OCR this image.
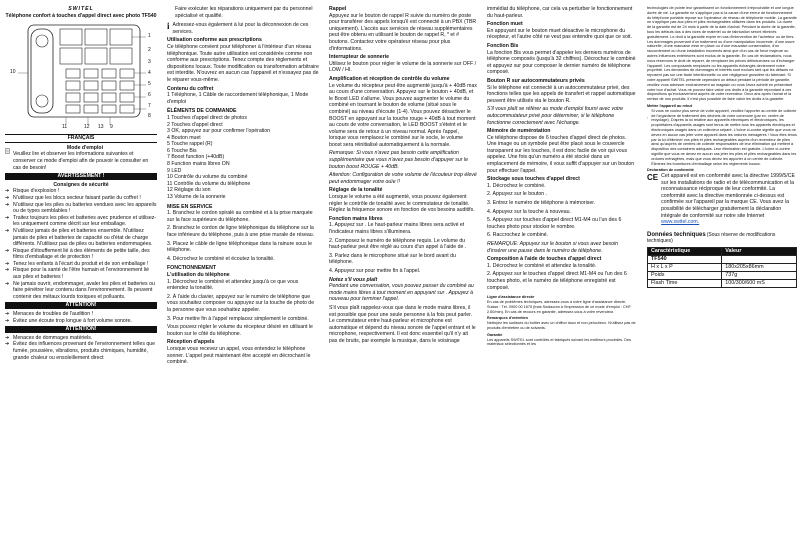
SWITEL
Téléphone confort à touches d'appel direct avec photo TF540
1
2
3
4
5
6
7
8
9
10
11	12 13
FRANÇAIS
Mode d'emploi
Veuillez lire et observer les informations suivantes et conserver ce mode d'emploi afin de pouvoir le consulter en cas de besoin!
AVERTISSEMENT !
Consignes de sécurité
➔ Risque d'explosion !
➔ N'utilisez que les blocs secteur faisant partie du coffret !
➔ N'utilisez que les piles ou batteries vendues avec les appareils ou de types semblables !
➔ Traitez toujours les piles et batteries avec prudence et utilisez-les uniquement comme décrit sur leur emballage.
➔ N'utilisez jamais de piles et batteries ensemble. N'utilisez jamais de piles et batteries de capacité ou d'état de charge différents. N'utilisez pas de piles ou batteries endommagées.
➔ Risque d'étouffement lié à des éléments de petite taille, des films d'emballage et de protection !
➔ Tenez les enfants à l'écart du produit et de son emballage !
➔ Risque pour la santé de l'être humain et l'environnement lié aux piles et batteries !
➔ Ne jamais ouvrir, endommager, avaler les piles et batteries ou faire pénétrer leur contenu dans l'environnement. Ils peuvent contenir des métaux lourds toxiques et polluants.
ATTENTION!
➔ Menaces de troubles de l'audition !
➔ Évitez une écoute trop longue à fort volume sonore.
ATTENTION!
➔ Menaces de dommages matériels.
➔ Évitez des influences provenant de l'environnement telles que fumée, poussière, vibrations, produits chimiques, humidité, grande chaleur ou ensoleillement direct
Faire exécuter les réparations uniquement par du personnel spécialisé et qualifié.
i Adressez-vous également à lui pour la déconnexion de ces services.
Utilisation conforme aux prescriptions

Ce téléphone convient pour téléphoner à l'intérieur d'un réseau téléphonique. Toute autre utilisation est considérée comme non conforme aux prescriptions. Tenez compte des règlements et dispositions locaux. Toute modification ou transformation arbitraire est interdite. N'ouvrez en aucun cas l'appareil et n'essayez pas de le réparer vous-même.

Contenu du coffret

1 Téléphone, 1 Câble de raccordement téléphonique, 1 Mode d'emploi

ÉLÉMENTS DE COMMANDE
1 Touches d'appel direct de photos
2 Touches d'appel direct
3 OK, appuyez sur pour confirmer l'opération
4 Bouton muet
5 Touche rappel (R)
6 Touche Bis
7 Boost function (+40dB)
8 Function mains libres ON
9 LED
10 Contrôle du volume du combiné
11 Contrôle du volume du téléphone
12 Réglage du son
13 Volume de la sonnerie
MISE EN SERVICE

1. Branchez le cordon spiralé au combiné et à la prise marquée sur la face supérieure du téléphone.

2. Branchez le cordon de ligne téléphonique du téléphone sur la face inférieure du téléphone, puis à une prise murale de réseau.

3. Placez le câble de ligne téléphonique dans la rainure sous le téléphone.

4. Décrochez le combiné et écoutez la tonalité.

FONCTIONNEMENT
L'utilisation du téléphone

1. Décrochez le combiné et attendez jusqu'à ce que vous entendez la tonalité.

2. À l'aide du clavier, appuyez sur le numéro de téléphone que vous souhaitez composer ou appuyez sur la touche de photo de la personne que vous souhaitez appeler.

3. Pour mettre fin à l'appel remplacez simplement le combiné.

Vous pouvez régler le volume du récepteur désiré en utilisant le bouton sur le côté du téléphone.

Réception d'appels

Lorsque vous recevez un appel, vous entendez le téléphone sonner. L'appel peut maintenant être accepté en décrochant le combiné.

Rappel

Appuyez sur le bouton de rappel R suivie du numéro de poste pour transférer des appels lorsqu'il est connecté à un PBX (TBR uniquement). L'accès aux services de réseau supplémentaires peut être obtenu en utilisant le bouton de rappel R, * et # boutons. Contactez votre opérateur réseau pour plus d'informations.

Interrupteur de sonnerie

Utilisez le bouton pour régler le volume de la sonnerie sur OFF / LOW / HI.

Amplification et réception de contrôle du volume

Le volume du récepteur peut être augmenté jusqu'à + 40dB max au cours d'une conversation. Appuyez sur le bouton + 40dB, et le Boost LED s'allume. Vous pouvez augmenter le volume du combiné en tournant le bouton de volume (situé sous le combiné) au niveau d'écoute (1-4). Vous pouvez désactiver le BOOST en appuyant sur la touche rouge + 40dB à tout moment au cours de votre conversation, le LED BOOST s'éteint et le volume sera de retour à un niveau normal. Après l'appel, lorsque vous remplacez le combiné sur le socle, le volume boost sera réinitialisé automatiquement à la normale.

Remarque: Si vous n'avez pas besoin cette amplification supplémentaire que vous n'avez pas besoin d'appuyer sur le bouton boost ROUGE + 40dB.

Attention: Configuration de votre volume de l'écouteur trop élevé peut endommager votre ouïe !!

Réglage de la tonalité

Lorsque le volume a été augmenté, vous pouvez également régler le contrôle de tonalité avec le commutateur de tonalité. Réglez la fréquence sonore en fonction de vos besoins auditifs.

Fonction mains libres

1. Appuyez sur . Le haut-parleur mains libres sera activé et l'indicateur mains libres s'illuminera.

2. Composez le numéro de téléphone requis. Le volume du haut-parleur peut être réglé au cours d'un appel à l'aide de .

3. Parlez dans le microphone situé sur le bord avant du téléphone.

4. Appuyez sur pour mettre fin à l'appel.

Notez s'il vous plaît

Pendant une conversation, vous pouvez passer du combiné au mode mains libres à tout moment en appuyant sur . Appuyez à nouveau pour terminer l'appel.

S'il vous plaît rappelez-vous que dans le mode mains libres, il est possible que pour une seule personne à la fois peut parler. Le commutateur entre haut-parleur et microphone est automatique et dépend du niveau sonore de l'appel entrant et le microphone, respectivement. Il est donc essentiel qu'il n'y ait pas de bruits, par exemple la musique, dans le voisinage

immédiat du téléphone, car cela va perturber le fonctionnement du haut-parleur.

Fonction muet

En appuyant sur le bouton muet désactive le microphone du récepteur, et l'autre côté ne veut pas entendre quoi que ce soit.

Fonction Bis

La fonction Bis vous permet d'appeler les derniers numéros de téléphone composés (jusqu'à 32 chiffres). Décrochez le combiné et appuyez sur pour composer le dernier numéro de téléphone composé.

Bouton R sur autocommutateurs privés

Si le téléphone est connecté à un autocommutateur privé, des fonctions telles que les appels de transfert et rappel automatique peuvent être utilisés via le bouton R.

S'il vous plaît se référer au mode d'emploi fourni avec votre autocommutateur privé pour déterminer, si le téléphone fonctionne correctement avec l'échange.

Mémoire de numérotation

Ce téléphone dispose de 6 touches d'appel direct de photos. Une image ou un symbole peut être placé sous le couvercle transparent sur les touches, il est donc facile de voir qui vous appelez. Une fois qu'un numéro a été stocké dans un emplacement de mémoire, il vous suffit d'appuyer sur un bouton pour effectuer l'appel.

Stockage sous touches d'appel direct

1. Décrochez le combiné.

2. Appuyez sur le bouton .

3. Entrez le numéro de téléphone à mémoriser.

4. Appuyez sur la touche à nouveau.

5. Appuyez sur touches d'appel direct M1-M4 ou l'un des 6 touches photo pour stocker le nombre.

6. Raccrochez le combiné.

REMARQUE: Appuyez sur le bouton si vous avez besoin d'insérer une pause dans le numéro de téléphone.

Composition à l'aide de touches d'appel direct

1. Décrochez le combiné et attendez la tonalité.

2. Appuyez sur le touches d'appel direct M1-M4 ou l'un des 6 touches photo, et le numéro de téléphone enregistré est composé.

Ligne d'assistance directe

En cas de problèmes techniques, adressez-vous à notre ligne d'assistance directe, Suisse : Tél. 0900 00 1675 (frais Swisscom à l'impression de ce mode d'emploi : CHF 2.60/min). En cas de recours en garantie, adressez-vous à votre revendeur.

Remarques d'entretien

Nettoyez les surfaces du boîtier avec un chiffon doux et non pelucheux. N'utilisez pas de produits d'entretien ou de solvants.

Garantie

Les appareils SWITEL sont contrôlés et fabriqués suivant les meilleurs procédés. Des matériaux sélectionnés et les

technologies de pointe leur garantissent un fonctionnement irréprochable et une longue durée de vie. La garantie ne s'applique pas si la cause d'une erreur de fonctionnement du téléphone portable repose sur l'opérateur de réseau de téléphonie mobile. La garantie ne s'applique pas aux piles et piles rechargeables utilisées dans les produits. La durée de la garantie est de 24 mois à partir de la date d'achat. Pendant la durée de la garantie, tous les défauts dus à des vices de matériel ou de fabrication seront éliminés gratuitement. Le droit à la garantie expire en cas d'intervention de l'acheteur ou de tiers. Les dommages provenant d'un traitement ou d'une manipulation incorrecte, d'une usure naturelle, d'une mauvaise mise en place ou d'une mauvaise conservation, d'un raccordement ou d'une installation incorrects ainsi que d'un cas de force majeure ou autres influences extérieures sont exclus de la garantie. En cas de réclamations, nous nous réservons le droit de réparer, de remplacer les pièces défectueuses ou d'échanger l'appareil. Les composants remplacés ou les appareils échangés deviennent notre propriété. Les demandes de dommages et intérêts sont exclues tant que les défauts ne reposent pas sur une faute intentionnelle ou une négligence grossière du fabricant. Si votre appareil SWITEL présente cependant un défaut pendant la période de garantie, veuillez vous adresser exclusivement au magasin où vous l'avez acheté en présentant votre bon d'achat. Vous ne pouvez faire valoir vos droits à la garantie répondant à ces dispositions qu'exclusivement auprès de votre revendeur. Deux ans après l'achat et la remise de nos produits, il n'est plus possible de faire valoir les droits à la garantie.

Mettre l'appareil au rebut

Si vous ne voulez plus servir de votre appareil, veuillez l'apporter au centre de collecte de l'organisme de traitement des déchets de votre commune (par ex. centre de recyclage). D'après la loi relative aux appareils électriques et électroniques, les propriétaires d'appareils usagés sont tenus de mettre tous les appareils électriques et électroniques usagés dans un collecteur séparé. L'icône ci-contre signifie que vous ne devez en aucun cas jeter votre appareil dans les ordures ménagères ! Vous êtes tenus par la loi d'éliminer vos piles et piles rechargeables auprès d'un revendeur de piles ainsi qu'auprès de centres de collecte responsables de leur élimination qui mettent à disposition des containers adéquats. Leur élimination est gratuite. L'icône ci-contre signifie que vous ne devez en aucun cas jeter les piles et piles rechargeables dans les ordures ménagères, mais que vous devez les apporter à un centre de collecte. Éliminez les fournitures d'emballage selon les règlements locaux.

Déclaration de conformité
CE Cet appareil est en conformité avec la directive 1999/5/CE sur les installations de radio et de télécommunication et la reconnaissance réciproque de leur conformité. La conformité avec la directive mentionnée ci-dessus est confirmée sur l'appareil par la marque CE. Vous avez la possibilité de télécharger gratuitement la déclaration intégrale de conformité sur notre site Internet www.switel.com.

Données techniques (Sous réserve de modifications techniques)
Caractéristique	Valeur
TF540	
H x L x P	180x205x86mm
Poids	737g
Flash Time	100/300/600 mS
